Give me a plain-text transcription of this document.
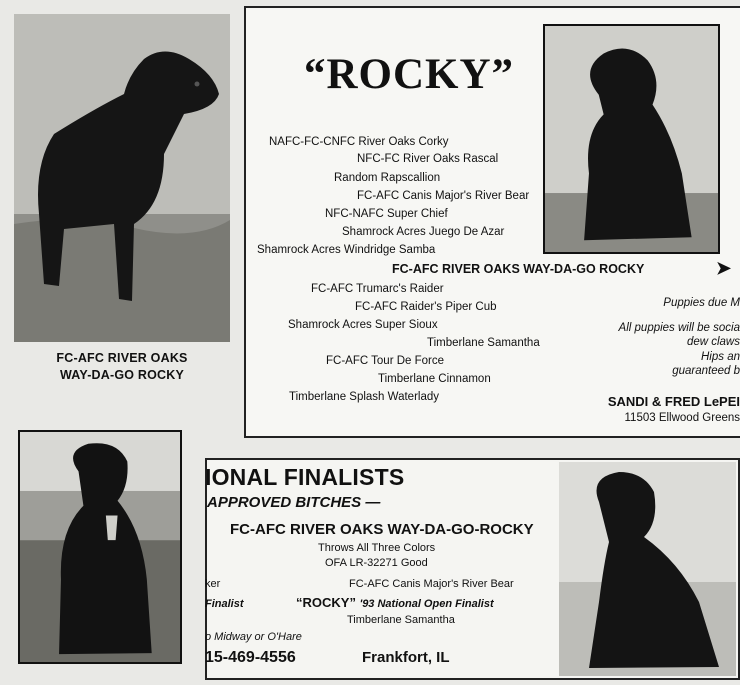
FC-AFC RIVER OAKS
WAY-DA-GO ROCKY
“ROCKY”
NAFC-FC-CNFC River Oaks Corky
NFC-FC River Oaks Rascal
Random Rapscallion
FC-AFC Canis Major's River Bear
NFC-NAFC Super Chief
Shamrock Acres Juego De Azar
Shamrock Acres Windridge Samba
FC-AFC RIVER OAKS WAY-DA-GO ROCKY	➤
FC-AFC Trumarc's Raider
FC-AFC Raider's Piper Cub
Shamrock Acres Super Sioux
Timberlane Samantha
FC-AFC Tour De Force
Timberlane Cinnamon
Timberlane Splash Waterlady
Puppies due M
All puppies will be socia
dew claws
Hips an
guaranteed b
SANDI & FRED LePEI
11503 Ellwood Greens
IONAL FINALISTS
APPROVED BITCHES —
FC-AFC RIVER OAKS WAY-DA-GO-ROCKY
Throws All Three Colors
OFA LR-32271 Good
ker	FC-AFC Canis Major's River Bear
Finalist	“ROCKY” '93 National Open Finalist
Timberlane Samantha
o Midway or O'Hare
15-469-4556	Frankfort, IL
